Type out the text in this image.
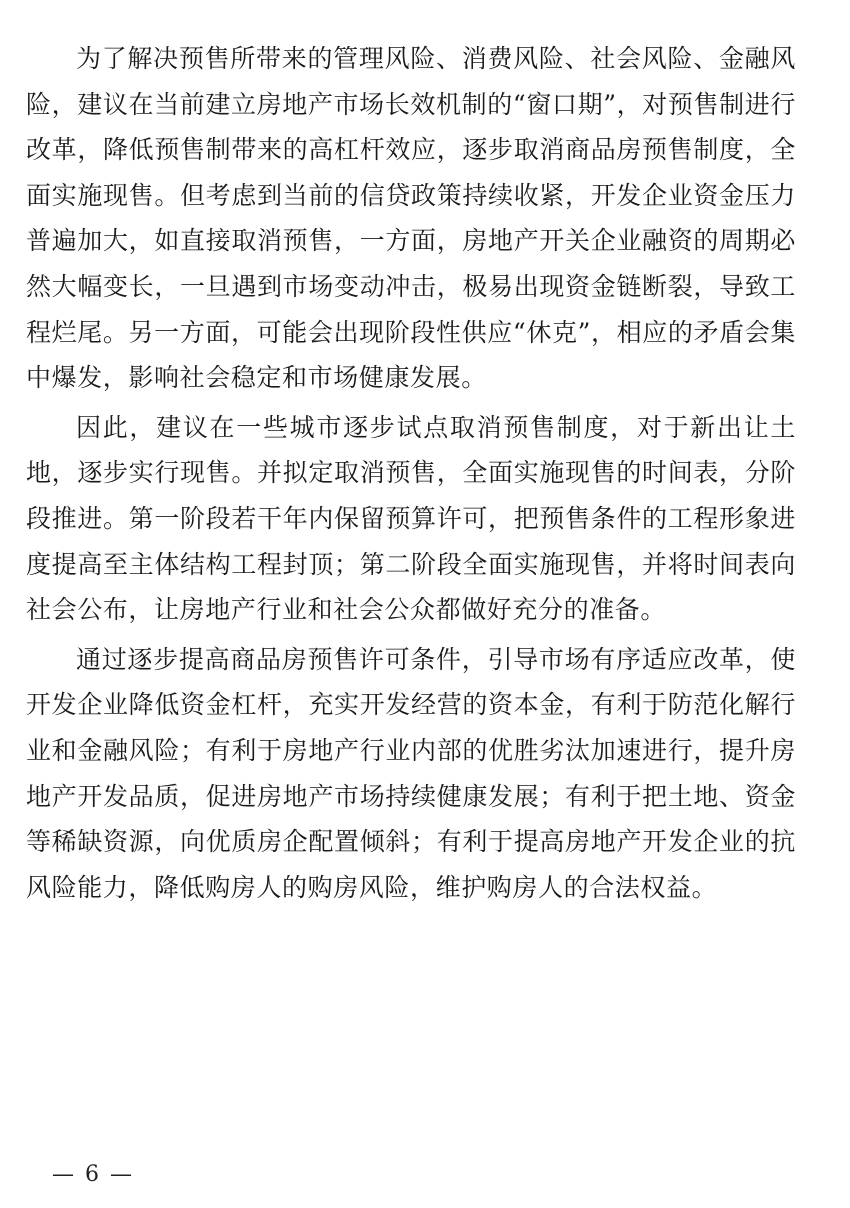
为了解决预售所带来的管理风险、消费风险、社会风险、金融风险，建议在当前建立房地产市场长效机制的“窗口期”，对预售制进行改革，降低预售制带来的高杠杆效应，逐步取消商品房预售制度，全面实施现售。但考虑到当前的信贷政策持续收紧，开发企业资金压力普遍加大，如直接取消预售，一方面，房地产开关企业融资的周期必然大幅变长，一旦遇到市场变动冲击，极易出现资金链断裂，导致工程烂尾。另一方面，可能会出现阶段性供应“休克”，相应的矛盾会集中爆发，影响社会稳定和市场健康发展。

因此，建议在一些城市逐步试点取消预售制度，对于新出让土地，逐步实行现售。并拟定取消预售，全面实施现售的时间表，分阶段推进。第一阶段若干年内保留预算许可，把预售条件的工程形象进度提高至主体结构工程封顶；第二阶段全面实施现售，并将时间表向社会公布，让房地产行业和社会公众都做好充分的准备。

通过逐步提高商品房预售许可条件，引导市场有序适应改革，使开发企业降低资金杠杆，充实开发经营的资本金，有利于防范化解行业和金融风险；有利于房地产行业内部的优胜劣汰加速进行，提升房地产开发品质，促进房地产市场持续健康发展；有利于把土地、资金等稀缺资源，向优质房企配置倾斜；有利于提高房地产开发企业的抗风险能力，降低购房人的购房风险，维护购房人的合法权益。

— 6 —
